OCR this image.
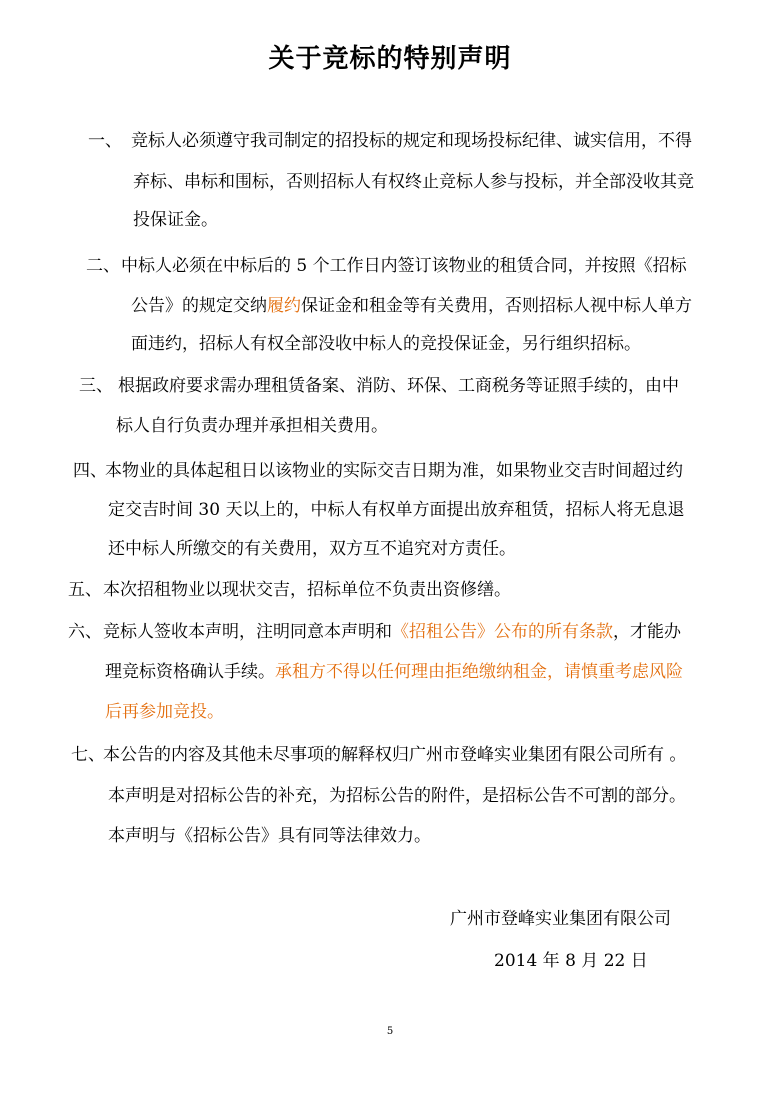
关于竞标的特别声明
一、 竞标人必须遵守我司制定的招投标的规定和现场投标纪律、诚实信用，不得
弃标、串标和围标，否则招标人有权终止竞标人参与投标，并全部没收其竞
投保证金。
二、 中标人必须在中标后的 5 个工作日内签订该物业的租赁合同，并按照《招标
公告》的规定交纳履约保证金和租金等有关费用，否则招标人视中标人单方
面违约，招标人有权全部没收中标人的竞投保证金，另行组织招标。
三、 根据政府要求需办理租赁备案、消防、环保、工商税务等证照手续的，由中
标人自行负责办理并承担相关费用。
四、
本物业的具体起租日以该物业的实际交吉日期为准，如果物业交吉时间超过约
定交吉时间 30 天以上的，中标人有权单方面提出放弃租赁，招标人将无息退
还中标人所缴交的有关费用，双方互不追究对方责任。
五、 本次招租物业以现状交吉，招标单位不负责出资修缮。
六、 竞标人签收本声明，注明同意本声明和《招租公告》公布的所有条款，才能办
理竞标资格确认手续。承租方不得以任何理由拒绝缴纳租金，请慎重考虑风险
后再参加竞投。
七、
本公告的内容及其他未尽事项的解释权归广州市登峰实业集团有限公司所有 。
本声明是对招标公告的补充，为招标公告的附件，是招标公告不可割的部分。
本声明与《招标公告》具有同等法律效力。
广州市登峰实业集团有限公司
2014 年 8 月 22 日
5
